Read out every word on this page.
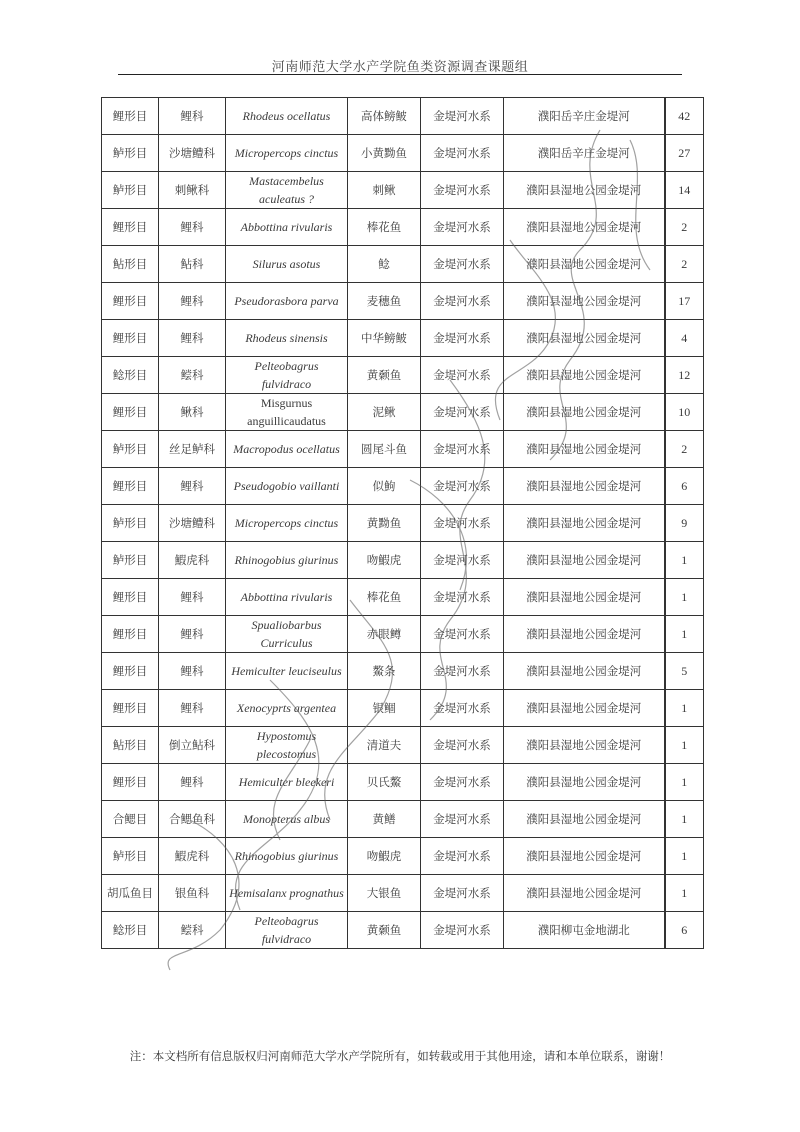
河南师范大学水产学院鱼类资源调查课题组
鲤形目	鲤科	Rhodeus ocellatus	高体鳑鲏	金堤河水系	濮阳岳辛庄金堤河	42
鲈形目	沙塘鳢科	Micropercops cinctus	小黄黝鱼	金堤河水系	濮阳岳辛庄金堤河	27
鲈形目	刺鳅科	Mastacembelus aculeatus ?	刺鳅	金堤河水系	濮阳县湿地公园金堤河	14
鲤形目	鲤科	Abbottina rivularis	棒花鱼	金堤河水系	濮阳县湿地公园金堤河	2
鲇形目	鲇科	Silurus asotus	鲶	金堤河水系	濮阳县湿地公园金堤河	2
鲤形目	鲤科	Pseudorasbora parva	麦穗鱼	金堤河水系	濮阳县湿地公园金堤河	17
鲤形目	鲤科	Rhodeus sinensis	中华鳑鲏	金堤河水系	濮阳县湿地公园金堤河	4
鲶形目	鲿科	Pelteobagrus fulvidraco	黄颡鱼	金堤河水系	濮阳县湿地公园金堤河	12
鲤形目	鳅科	Misgurnus anguillicaudatus	泥鳅	金堤河水系	濮阳县湿地公园金堤河	10
鲈形目	丝足鲈科	Macropodus ocellatus	圆尾斗鱼	金堤河水系	濮阳县湿地公园金堤河	2
鲤形目	鲤科	Pseudogobio vaillanti	似鮈	金堤河水系	濮阳县湿地公园金堤河	6
鲈形目	沙塘鳢科	Micropercops cinctus	黄黝鱼	金堤河水系	濮阳县湿地公园金堤河	9
鲈形目	鰕虎科	Rhinogobius giurinus	吻鰕虎	金堤河水系	濮阳县湿地公园金堤河	1
鲤形目	鲤科	Abbottina rivularis	棒花鱼	金堤河水系	濮阳县湿地公园金堤河	1
鲤形目	鲤科	Spualiobarbus Curriculus	赤眼鳟	金堤河水系	濮阳县湿地公园金堤河	1
鲤形目	鲤科	Hemiculter leuciseulus	鰲条	金堤河水系	濮阳县湿地公园金堤河	5
鲤形目	鲤科	Xenocyprts argentea	银鲴	金堤河水系	濮阳县湿地公园金堤河	1
鲇形目	倒立鲇科	Hypostomus plecostomus	清道夫	金堤河水系	濮阳县湿地公园金堤河	1
鲤形目	鲤科	Hemiculter bleekeri	贝氏鰲	金堤河水系	濮阳县湿地公园金堤河	1
合鳃目	合鳃鱼科	Monopterus albus	黄鳝	金堤河水系	濮阳县湿地公园金堤河	1
鲈形目	鰕虎科	Rhinogobius giurinus	吻鰕虎	金堤河水系	濮阳县湿地公园金堤河	1
胡瓜鱼目	银鱼科	Hemisalanx prognathus	大银鱼	金堤河水系	濮阳县湿地公园金堤河	1
鲶形目	鲿科	Pelteobagrus fulvidraco	黄颡鱼	金堤河水系	濮阳柳屯金地湖北	6
注：本文档所有信息版权归河南师范大学水产学院所有，如转载或用于其他用途，请和本单位联系，谢谢！
